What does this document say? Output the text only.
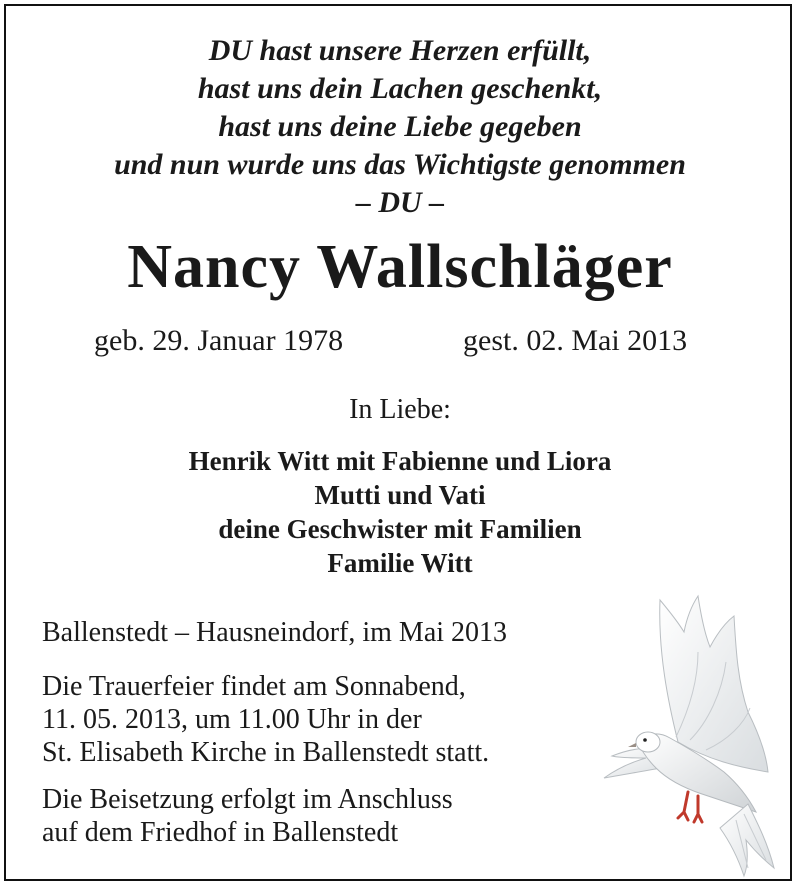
DU hast unsere Herzen erfüllt,
hast uns dein Lachen geschenkt,
hast uns deine Liebe gegeben
und nun wurde uns das Wichtigste genommen
– DU –
Nancy Wallschläger
geb. 29. Januar 1978	gest. 02. Mai 2013
In Liebe:
Henrik Witt mit Fabienne und Liora
Mutti und Vati
deine Geschwister mit Familien
Familie Witt
Ballenstedt – Hausneindorf, im Mai 2013
Die Trauerfeier findet am Sonnabend,
11. 05. 2013, um 11.00 Uhr in der
St. Elisabeth Kirche in Ballenstedt statt.
Die Beisetzung erfolgt im Anschluss
auf dem Friedhof in Ballenstedt
